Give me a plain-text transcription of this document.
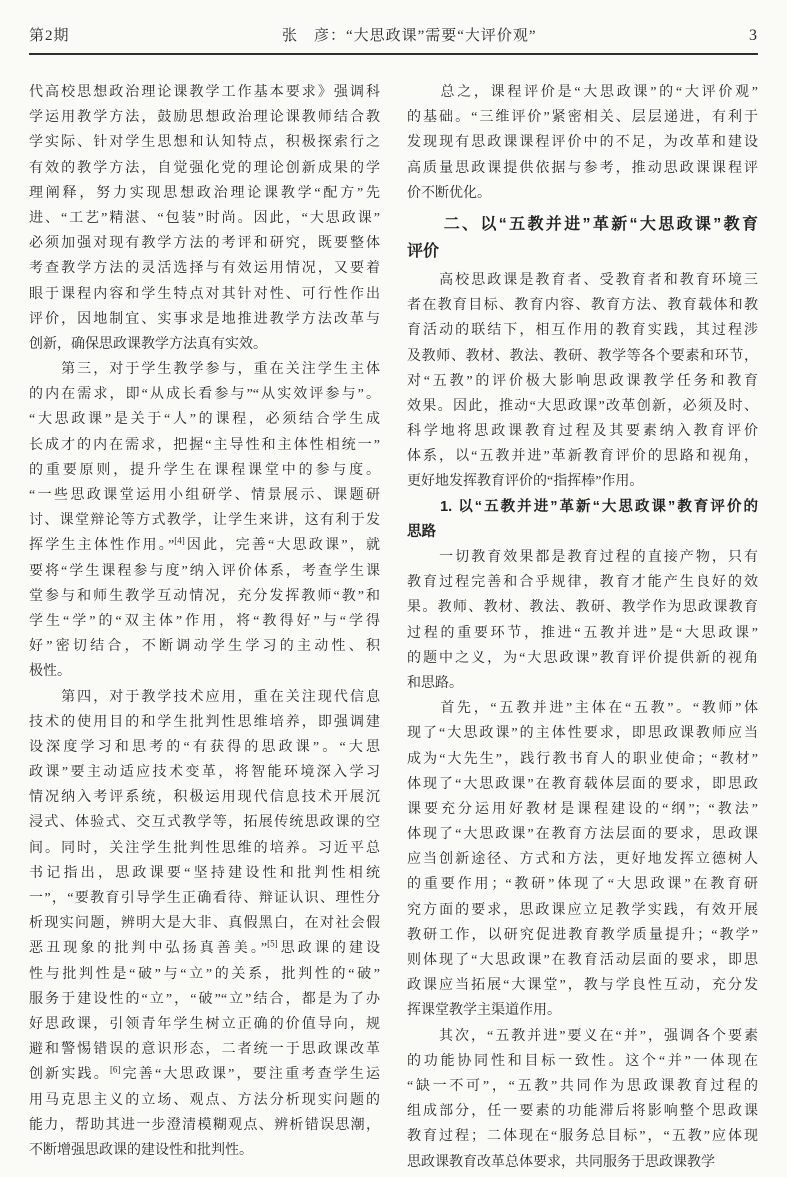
第2期	张　彦：“大思政课”需要“大评价观”	3
代高校思想政治理论课教学工作基本要求》强调科
学运用教学方法，鼓励思想政治理论课教师结合教
学实际、针对学生思想和认知特点，积极探索行之
有效的教学方法，自觉强化党的理论创新成果的学
理阐释，努力实现思想政治理论课教学“配方”先
进、“工艺”精湛、“包装”时尚。因此，“大思政课”
必须加强对现有教学方法的考评和研究，既要整体
考查教学方法的灵活选择与有效运用情况，又要着
眼于课程内容和学生特点对其针对性、可行性作出
评价，因地制宜、实事求是地推进教学方法改革与
创新，确保思政课教学方法真有实效。
　　第三，对于学生教学参与，重在关注学生主体
的内在需求，即“从成长看参与”“从实效评参与”。
“大思政课”是关于“人”的课程，必须结合学生成
长成才的内在需求，把握“主导性和主体性相统一”
的重要原则，提升学生在课程课堂中的参与度。
“一些思政课堂运用小组研学、情景展示、课题研
讨、课堂辩论等方式教学，让学生来讲，这有利于发
挥学生主体性作用。”[4]因此，完善“大思政课”，就
要将“学生课程参与度”纳入评价体系，考查学生课
堂参与和师生教学互动情况，充分发挥教师“教”和
学生“学”的“双主体”作用，将“教得好”与“学得
好”密切结合，不断调动学生学习的主动性、积
极性。
　　第四，对于教学技术应用，重在关注现代信息
技术的使用目的和学生批判性思维培养，即强调建
设深度学习和思考的“有获得的思政课”。“大思
政课”要主动适应技术变革，将智能环境深入学习
情况纳入考评系统，积极运用现代信息技术开展沉
浸式、体验式、交互式教学等，拓展传统思政课的空
间。同时，关注学生批判性思维的培养。习近平总
书记指出，思政课要“坚持建设性和批判性相统
一”，“要教育引导学生正确看待、辩证认识、理性分
析现实问题，辨明大是大非、真假黑白，在对社会假
恶丑现象的批判中弘扬真善美。”[5]思政课的建设
性与批判性是“破”与“立”的关系，批判性的“破”
服务于建设性的“立”，“破”“立”结合，都是为了办
好思政课，引领青年学生树立正确的价值导向，规
避和警惕错误的意识形态，二者统一于思政课改革
创新实践。[6]完善“大思政课”，要注重考查学生运
用马克思主义的立场、观点、方法分析现实问题的
能力，帮助其进一步澄清模糊观点、辨析错误思潮，
不断增强思政课的建设性和批判性。
　　总之，课程评价是“大思政课”的“大评价观”
的基础。“三维评价”紧密相关、层层递进，有利于
发现现有思政课课程评价中的不足，为改革和建设
高质量思政课提供依据与参考，推动思政课课程评
价不断优化。
　　二、以“五教并进”革新“大思政课”教育
评价
　　高校思政课是教育者、受教育者和教育环境三
者在教育目标、教育内容、教育方法、教育载体和教
育活动的联结下，相互作用的教育实践，其过程涉
及教师、教材、教法、教研、教学等各个要素和环节，
对“五教”的评价极大影响思政课教学任务和教育
效果。因此，推动“大思政课”改革创新，必须及时、
科学地将思政课教育过程及其要素纳入教育评价
体系，以“五教并进”革新教育评价的思路和视角，
更好地发挥教育评价的“指挥棒”作用。
　　1. 以“五教并进”革新“大思政课”教育评价的
思路
　　一切教育效果都是教育过程的直接产物，只有
教育过程完善和合乎规律，教育才能产生良好的效
果。教师、教材、教法、教研、教学作为思政课教育
过程的重要环节，推进“五教并进”是“大思政课”
的题中之义，为“大思政课”教育评价提供新的视角
和思路。
　　首先，“五教并进”主体在“五教”。“教师”体
现了“大思政课”的主体性要求，即思政课教师应当
成为“大先生”，践行教书育人的职业使命；“教材”
体现了“大思政课”在教育载体层面的要求，即思政
课要充分运用好教材是课程建设的“纲”；“教法”
体现了“大思政课”在教育方法层面的要求，思政课
应当创新途径、方式和方法，更好地发挥立德树人
的重要作用；“教研”体现了“大思政课”在教育研
究方面的要求，思政课应立足教学实践，有效开展
教研工作，以研究促进教育教学质量提升；“教学”
则体现了“大思政课”在教育活动层面的要求，即思
政课应当拓展“大课堂”，教与学良性互动，充分发
挥课堂教学主渠道作用。
　　其次，“五教并进”要义在“并”，强调各个要素
的功能协同性和目标一致性。这个“并”一体现在
“缺一不可”，“五教”共同作为思政课教育过程的
组成部分，任一要素的功能滞后将影响整个思政课
教育过程；二体现在“服务总目标”，“五教”应体现
思政课教育改革总体要求，共同服务于思政课教学
